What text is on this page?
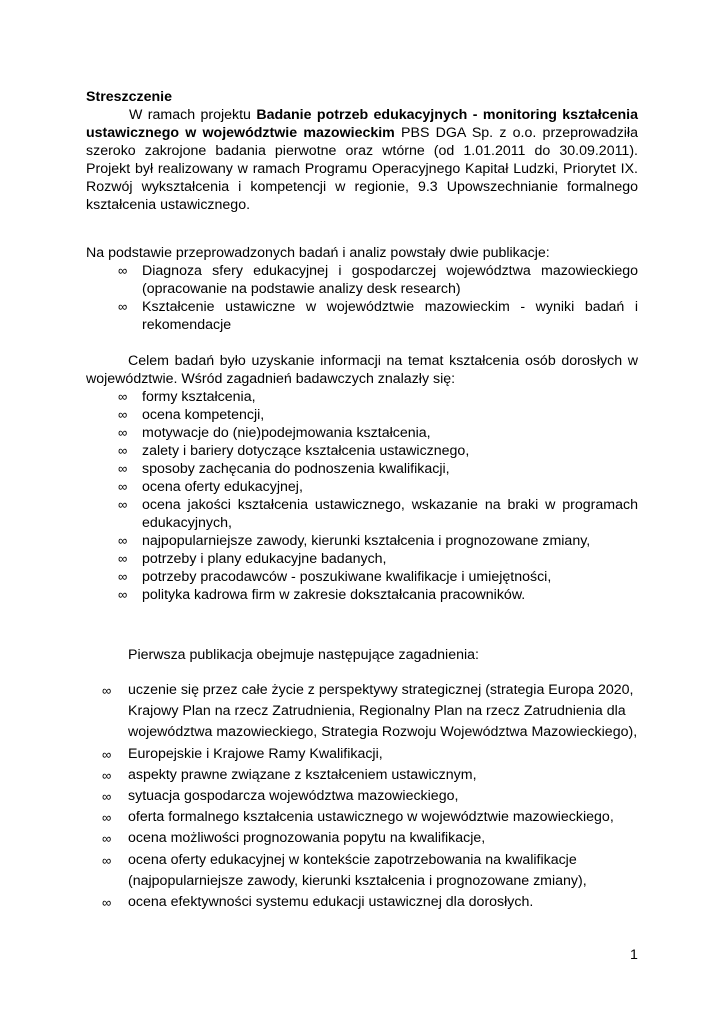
Streszczenie

W ramach projektu Badanie potrzeb edukacyjnych - monitoring kształcenia ustawicznego w województwie mazowieckim PBS DGA Sp. z o.o. przeprowadziła szeroko zakrojone badania pierwotne oraz wtórne (od 1.01.2011 do 30.09.2011). Projekt był realizowany w ramach Programu Operacyjnego Kapitał Ludzki, Priorytet IX. Rozwój wykształcenia i kompetencji w regionie, 9.3 Upowszechnianie formalnego kształcenia ustawicznego.

Na podstawie przeprowadzonych badań i analiz powstały dwie publikacje:

∞ Diagnoza sfery edukacyjnej i gospodarczej województwa mazowieckiego (opracowanie na podstawie analizy desk research)
∞ Kształcenie ustawiczne w województwie mazowieckim - wyniki badań i rekomendacje

Celem badań było uzyskanie informacji na temat kształcenia osób dorosłych w województwie. Wśród zagadnień badawczych znalazły się:

∞ formy kształcenia,
∞ ocena kompetencji,
∞ motywacje do (nie)podejmowania kształcenia,
∞ zalety i bariery dotyczące kształcenia ustawicznego,
∞ sposoby zachęcania do podnoszenia kwalifikacji,
∞ ocena oferty edukacyjnej,
∞ ocena jakości kształcenia ustawicznego, wskazanie na braki w programach edukacyjnych,
∞ najpopularniejsze zawody, kierunki kształcenia i prognozowane zmiany,
∞ potrzeby i plany edukacyjne badanych,
∞ potrzeby pracodawców - poszukiwane kwalifikacje i umiejętności,
∞ polityka kadrowa firm w zakresie dokształcania pracowników.

Pierwsza publikacja obejmuje następujące zagadnienia:

∞ uczenie się przez całe życie z perspektywy strategicznej (strategia Europa 2020, Krajowy Plan na rzecz Zatrudnienia, Regionalny Plan na rzecz Zatrudnienia dla województwa mazowieckiego, Strategia Rozwoju Województwa Mazowieckiego),
∞ Europejskie i Krajowe Ramy Kwalifikacji,
∞ aspekty prawne związane z kształceniem ustawicznym,
∞ sytuacja gospodarcza województwa mazowieckiego,
∞ oferta formalnego kształcenia ustawicznego w województwie mazowieckiego,
∞ ocena możliwości prognozowania popytu na kwalifikacje,
∞ ocena oferty edukacyjnej w kontekście zapotrzebowania na kwalifikacje (najpopularniejsze zawody, kierunki kształcenia i prognozowane zmiany),
∞ ocena efektywności systemu edukacji ustawicznej dla dorosłych.
1
